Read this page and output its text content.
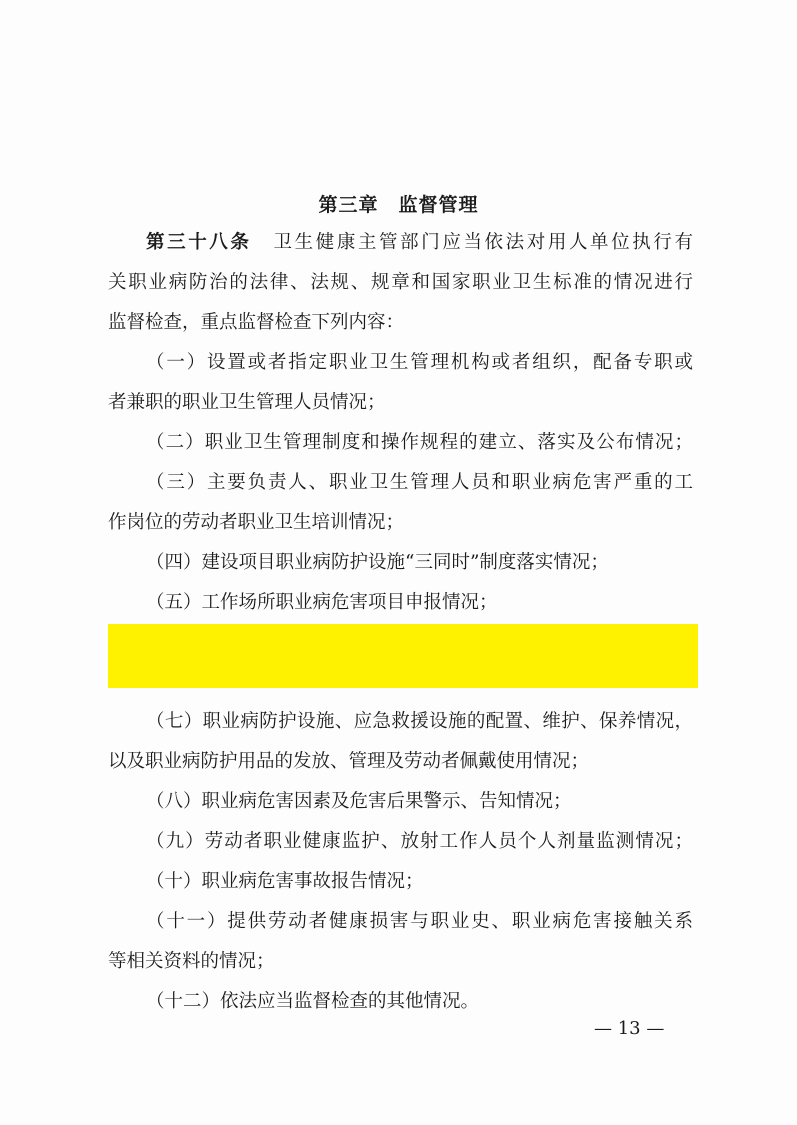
第三章　监督管理
第三十八条 卫生健康主管部门应当依法对用人单位执行有
关职业病防治的法律、法规、规章和国家职业卫生标准的情况进行
监督检查，重点监督检查下列内容：
（一）设置或者指定职业卫生管理机构或者组织，配备专职或
者兼职的职业卫生管理人员情况；
（二）职业卫生管理制度和操作规程的建立、落实及公布情况；
（三）主要负责人、职业卫生管理人员和职业病危害严重的工
作岗位的劳动者职业卫生培训情况；
（四）建设项目职业病防护设施“三同时”制度落实情况；
（五）工作场所职业病危害项目申报情况；
（七）职业病防护设施、应急救援设施的配置、维护、保养情况，
以及职业病防护用品的发放、管理及劳动者佩戴使用情况；
（八）职业病危害因素及危害后果警示、告知情况；
（九）劳动者职业健康监护、放射工作人员个人剂量监测情况；
（十）职业病危害事故报告情况；
（十一）提供劳动者健康损害与职业史、职业病危害接触关系
等相关资料的情况；
（十二）依法应当监督检查的其他情况。
— 13 —
